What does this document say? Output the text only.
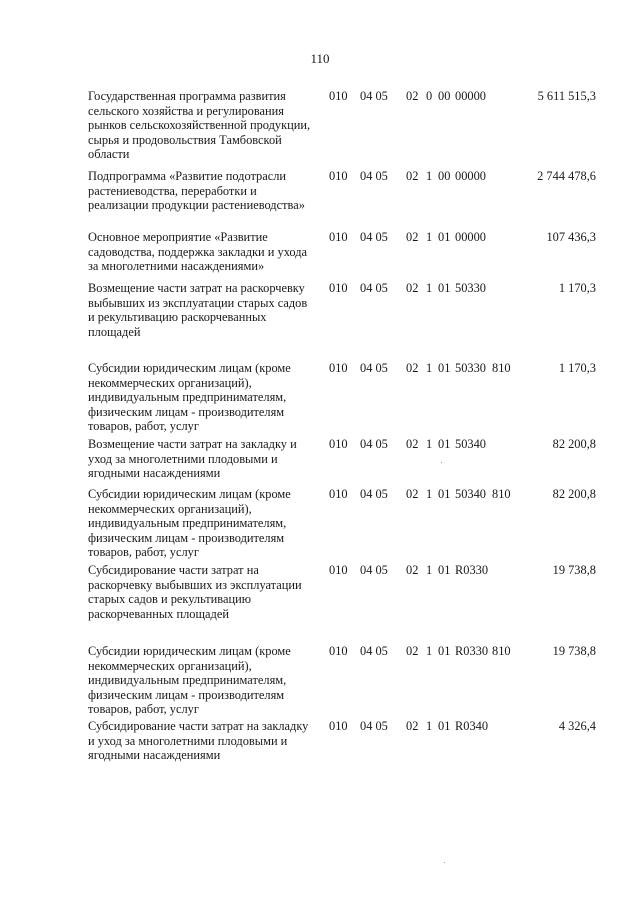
110
Государственная программа развития сельского хозяйства и регулирования рынков сельскохозяйственной продукции, сырья и продовольствия Тамбовской области
010 04 05 02 0 00 00000	5 611 515,3
Подпрограмма «Развитие подотрасли растениеводства, переработки и реализации продукции растениеводства»
010 04 05 02 1 00 00000	2 744 478,6
Основное мероприятие «Развитие садоводства, поддержка закладки и ухода за многолетними насаждениями»
010 04 05 02 1 01 00000	107 436,3
Возмещение части затрат на раскорчевку выбывших из эксплуатации старых садов и рекультивацию раскорчеванных площадей
010 04 05 02 1 01 50330	1 170,3
Субсидии юридическим лицам (кроме некоммерческих организаций), индивидуальным предпринимателям, физическим лицам - производителям товаров, работ, услуг
010 04 05 02 1 01 50330 810	1 170,3
Возмещение части затрат на закладку и уход за многолетними плодовыми и ягодными насаждениями
010 04 05 02 1 01 50340	82 200,8
Субсидии юридическим лицам (кроме некоммерческих организаций), индивидуальным предпринимателям, физическим лицам - производителям товаров, работ, услуг
010 04 05 02 1 01 50340 810	82 200,8
Субсидирование части затрат на раскорчевку выбывших из эксплуатации старых садов и рекультивацию раскорчеванных площадей
010 04 05 02 1 01 R0330	19 738,8
Субсидии юридическим лицам (кроме некоммерческих организаций), индивидуальным предпринимателям, физическим лицам - производителям товаров, работ, услуг
010 04 05 02 1 01 R0330 810	19 738,8
Субсидирование части затрат на закладку и уход за многолетними плодовыми и ягодными насаждениями
010 04 05 02 1 01 R0340	4 326,4
